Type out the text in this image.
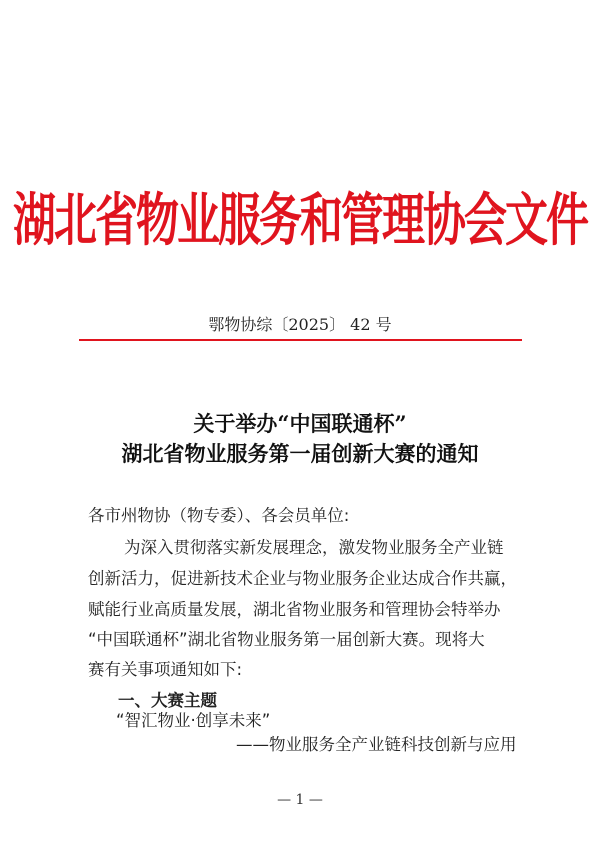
湖北省物业服务和管理协会文件
鄂物协综〔2025〕 42 号
关于举办“中国联通杯”
湖北省物业服务第一届创新大赛的通知
各市州物协（物专委）、各会员单位:
为深入贯彻落实新发展理念，激发物业服务全产业链
创新活力，促进新技术企业与物业服务企业达成合作共赢，
赋能行业高质量发展，湖北省物业服务和管理协会特举办
“中国联通杯”湖北省物业服务第一届创新大赛。现将大
赛有关事项通知如下:
一、大赛主题
“智汇物业·创享未来”
——物业服务全产业链科技创新与应用
— 1 —
